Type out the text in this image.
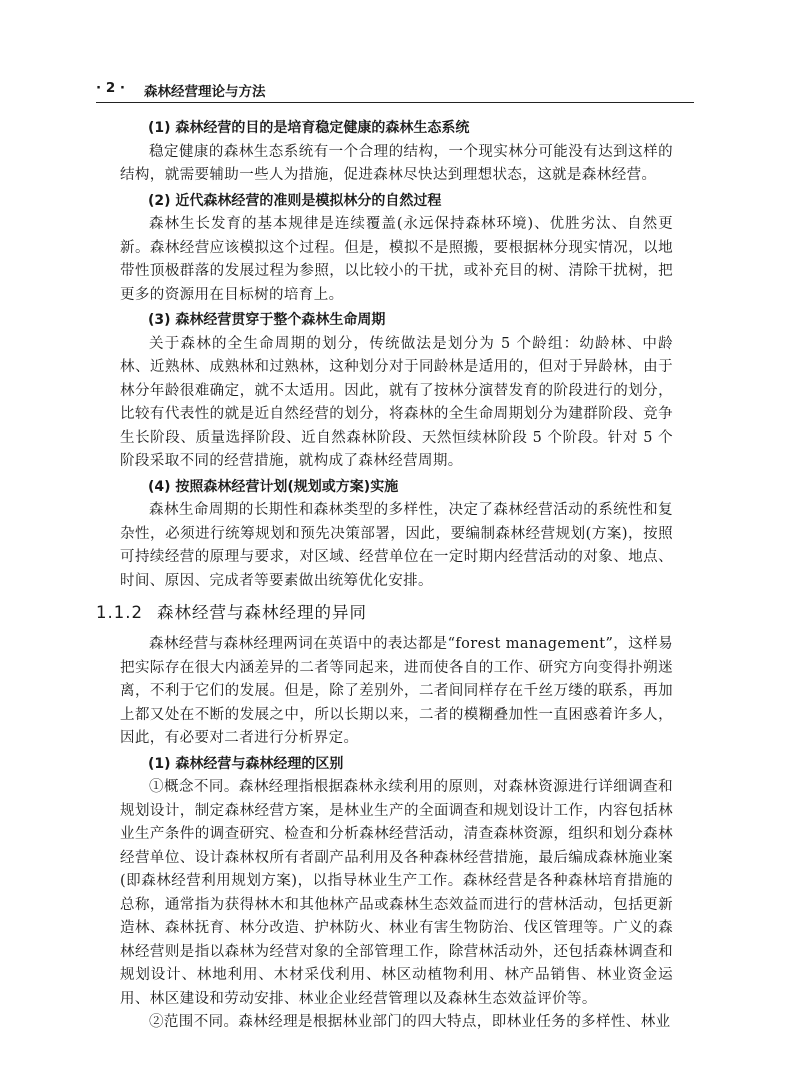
· 2 · 森林经营理论与方法

(1) 森林经营的目的是培育稳定健康的森林生态系统

稳定健康的森林生态系统有一个合理的结构，一个现实林分可能没有达到这样的结构，就需要辅助一些人为措施，促进森林尽快达到理想状态，这就是森林经营。

(2) 近代森林经营的准则是模拟林分的自然过程

森林生长发育的基本规律是连续覆盖(永远保持森林环境)、优胜劣汰、自然更新。森林经营应该模拟这个过程。但是，模拟不是照搬，要根据林分现实情况，以地带性顶极群落的发展过程为参照，以比较小的干扰，或补充目的树、清除干扰树，把更多的资源用在目标树的培育上。

(3) 森林经营贯穿于整个森林生命周期

关于森林的全生命周期的划分，传统做法是划分为 5 个龄组：幼龄林、中龄林、近熟林、成熟林和过熟林，这种划分对于同龄林是适用的，但对于异龄林，由于林分年龄很难确定，就不太适用。因此，就有了按林分演替发育的阶段进行的划分，比较有代表性的就是近自然经营的划分，将森林的全生命周期划分为建群阶段、竞争生长阶段、质量选择阶段、近自然森林阶段、天然恒续林阶段 5 个阶段。针对 5 个阶段采取不同的经营措施，就构成了森林经营周期。

(4) 按照森林经营计划(规划或方案)实施

森林生命周期的长期性和森林类型的多样性，决定了森林经营活动的系统性和复杂性，必须进行统筹规划和预先决策部署，因此，要编制森林经营规划(方案)，按照可持续经营的原理与要求，对区域、经营单位在一定时期内经营活动的对象、地点、时间、原因、完成者等要素做出统筹优化安排。

1.1.2 森林经营与森林经理的异同

森林经营与森林经理两词在英语中的表达都是“forest management”，这样易把实际存在很大内涵差异的二者等同起来，进而使各自的工作、研究方向变得扑朔迷离，不利于它们的发展。但是，除了差别外，二者间同样存在千丝万缕的联系，再加上都又处在不断的发展之中，所以长期以来，二者的模糊叠加性一直困惑着许多人，因此，有必要对二者进行分析界定。

(1) 森林经营与森林经理的区别

①概念不同。森林经理指根据森林永续利用的原则，对森林资源进行详细调查和规划设计，制定森林经营方案，是林业生产的全面调查和规划设计工作，内容包括林业生产条件的调查研究、检查和分析森林经营活动，清查森林资源，组织和划分森林经营单位、设计森林权所有者副产品利用及各种森林经营措施，最后编成森林施业案(即森林经营利用规划方案)，以指导林业生产工作。森林经营是各种森林培育措施的总称，通常指为获得林木和其他林产品或森林生态效益而进行的营林活动，包括更新造林、森林抚育、林分改造、护林防火、林业有害生物防治、伐区管理等。广义的森林经营则是指以森林为经营对象的全部管理工作，除营林活动外，还包括森林调查和规划设计、林地利用、木材采伐利用、林区动植物利用、林产品销售、林业资金运用、林区建设和劳动安排、林业企业经营管理以及森林生态效益评价等。

②范围不同。森林经理是根据林业部门的四大特点，即林业任务的多样性、林业
